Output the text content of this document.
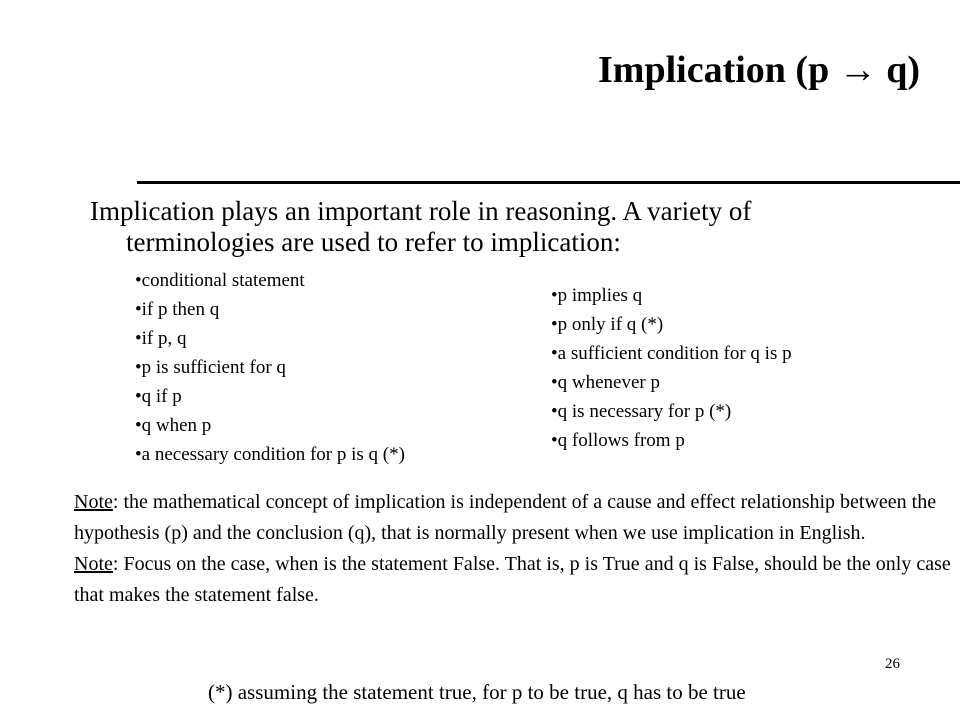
Implication (p → q)
Implication plays an important role in reasoning. A variety of
terminologies are used to refer to implication:
• conditional statement
• if p then q
• if p, q
• p is sufficient for q
• q if p
• q when p
• a necessary condition for p is q (*)
• p implies q
• p only if q (*)
• a sufficient condition for q is p
• q whenever p
• q is necessary for p (*)
• q follows from p

Note: the mathematical concept of implication is independent of a cause and effect relationship between the hypothesis (p) and the conclusion (q), that is normally present when we use implication in English.

Note: Focus on the case, when is the statement False. That is, p is True and q is False, should be the only case that makes the statement false.

26
(*) assuming the statement true, for p to be true, q has to be true
